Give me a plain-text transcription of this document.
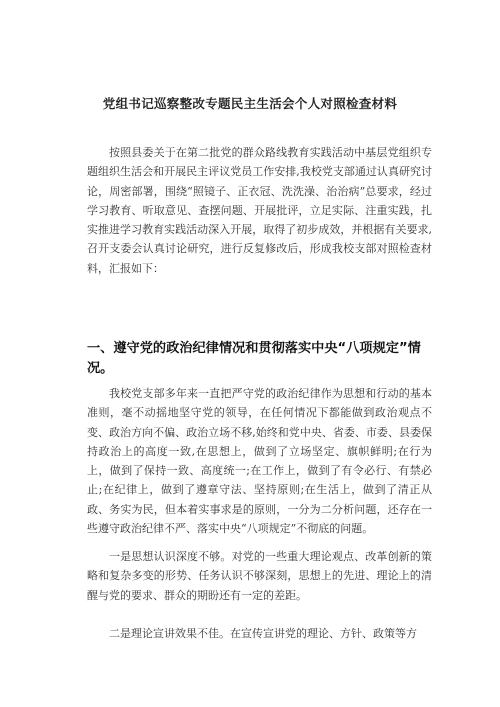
党组书记巡察整改专题民主生活会个人对照检查材料

按照县委关于在第二批党的群众路线教育实践活动中基层党组织专题组织生活会和开展民主评议党员工作安排,我校党支部通过认真研究讨论，周密部署，围绕“照镜子、正衣冠、洗洗澡、治治病”总要求，经过学习教育、听取意见、查摆问题、开展批评，立足实际、注重实践，扎实推进学习教育实践活动深入开展，取得了初步成效，并根据有关要求,召开支委会认真讨论研究，进行反复修改后，形成我校支部对照检查材料，汇报如下：

一、遵守党的政治纪律情况和贯彻落实中央“八项规定”情况。

我校党支部多年来一直把严守党的政治纪律作为思想和行动的基本准则，毫不动摇地坚守党的领导，在任何情况下都能做到政治观点不变、政治方向不偏、政治立场不移,始终和党中央、省委、市委、县委保持政治上的高度一致,在思想上，做到了立场坚定、旗帜鲜明;在行为上，做到了保持一致、高度统一;在工作上，做到了有令必行、有禁必止;在纪律上，做到了遵章守法、坚持原则;在生活上，做到了清正从政、务实为民，但本着实事求是的原则，一分为二分析问题，还存在一些遵守政治纪律不严、落实中央“八项规定”不彻底的问题。

一是思想认识深度不够。对党的一些重大理论观点、改革创新的策略和复杂多变的形势、任务认识不够深刻，思想上的先进、理论上的清醒与党的要求、群众的期盼还有一定的差距。

二是理论宣讲效果不佳。在宣传宣讲党的理论、方针、政策等方
